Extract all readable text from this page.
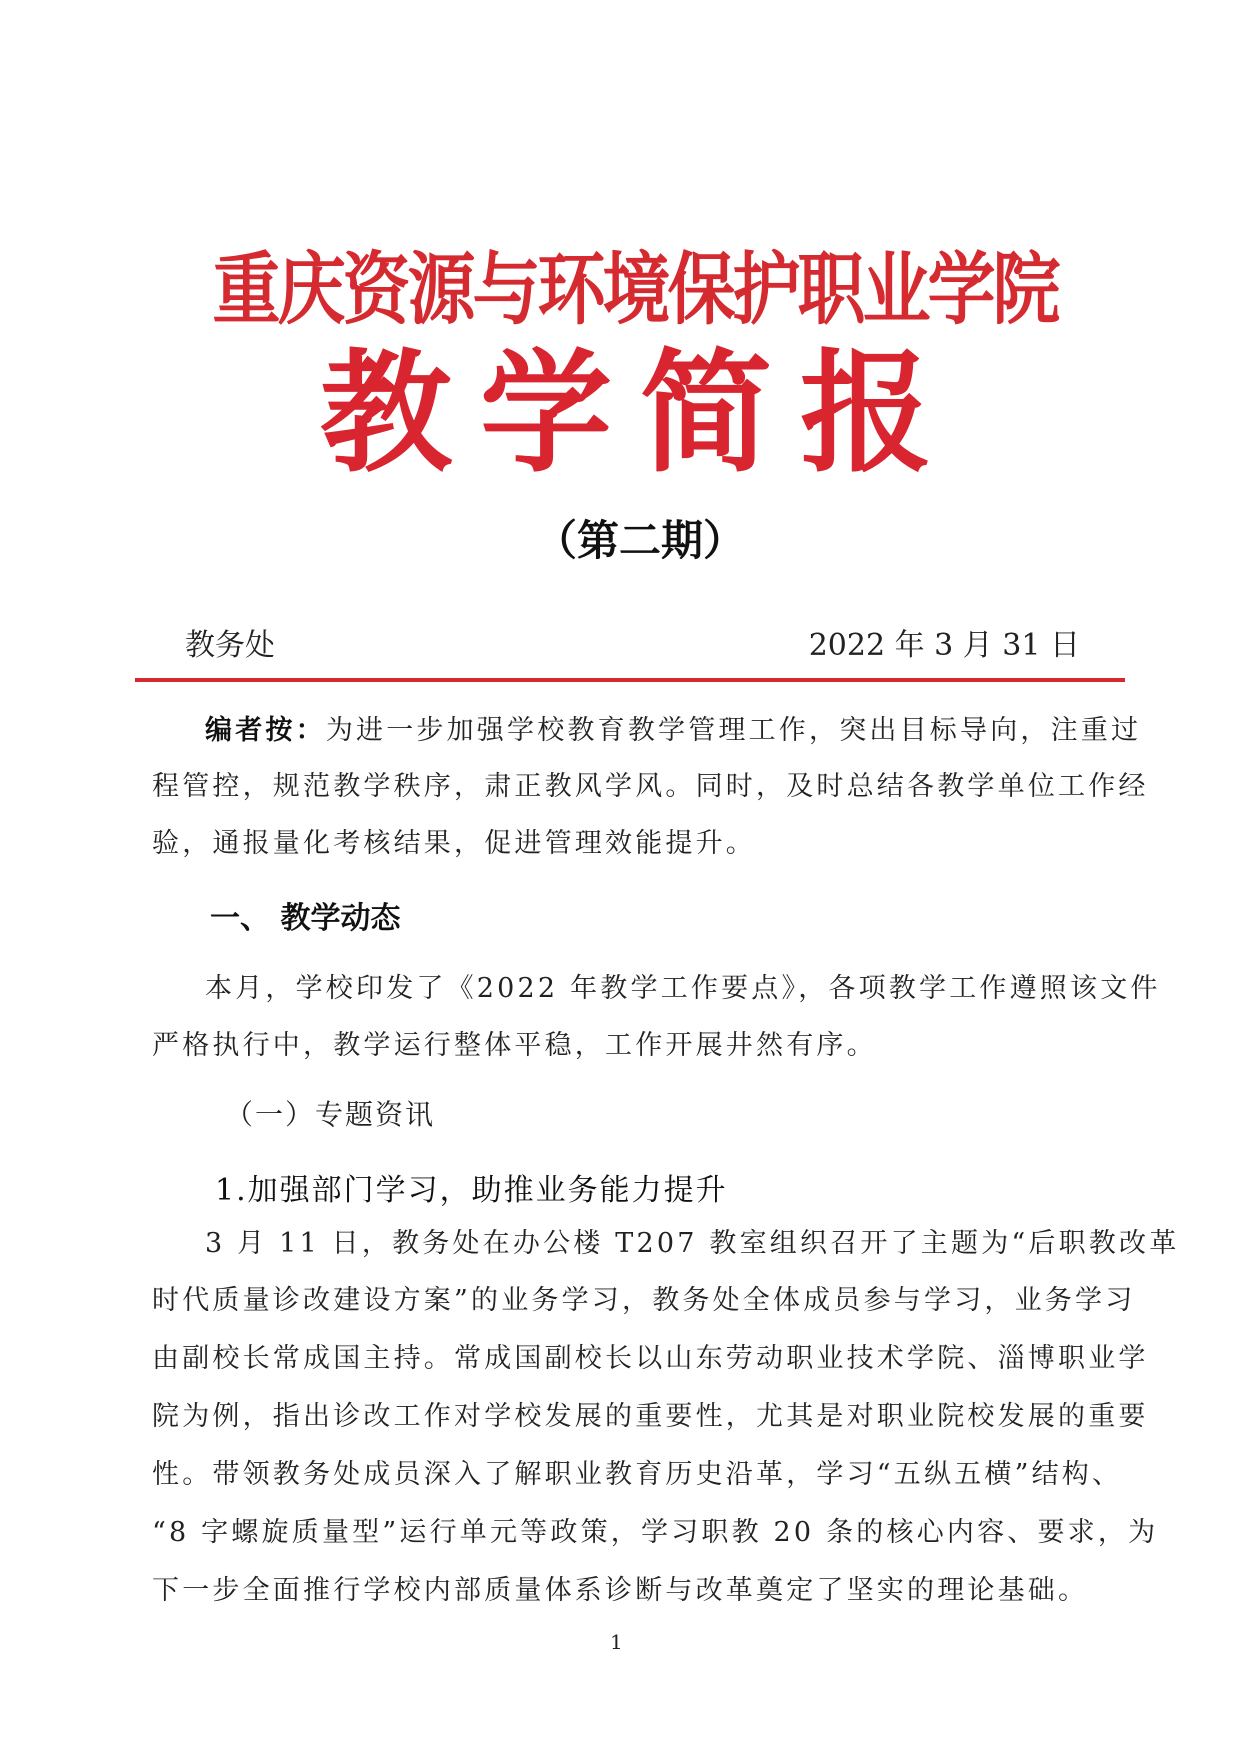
重庆资源与环境保护职业学院
教学简报
（第二期）
教务处	2022 年 3 月 31 日
编者按：为进一步加强学校教育教学管理工作，突出目标导向，注重过
程管控，规范教学秩序，肃正教风学风。同时，及时总结各教学单位工作经
验，通报量化考核结果，促进管理效能提升。
一、 教学动态
本月，学校印发了《2022 年教学工作要点》，各项教学工作遵照该文件
严格执行中，教学运行整体平稳，工作开展井然有序。
（一）专题资讯
1.加强部门学习，助推业务能力提升
3 月 11 日，教务处在办公楼 T207 教室组织召开了主题为“后职教改革
时代质量诊改建设方案”的业务学习，教务处全体成员参与学习，业务学习
由副校长常成国主持。常成国副校长以山东劳动职业技术学院、淄博职业学
院为例，指出诊改工作对学校发展的重要性，尤其是对职业院校发展的重要
性。带领教务处成员深入了解职业教育历史沿革，学习“五纵五横”结构、
“8 字螺旋质量型”运行单元等政策，学习职教 20 条的核心内容、要求，为
下一步全面推行学校内部质量体系诊断与改革奠定了坚实的理论基础。
1
